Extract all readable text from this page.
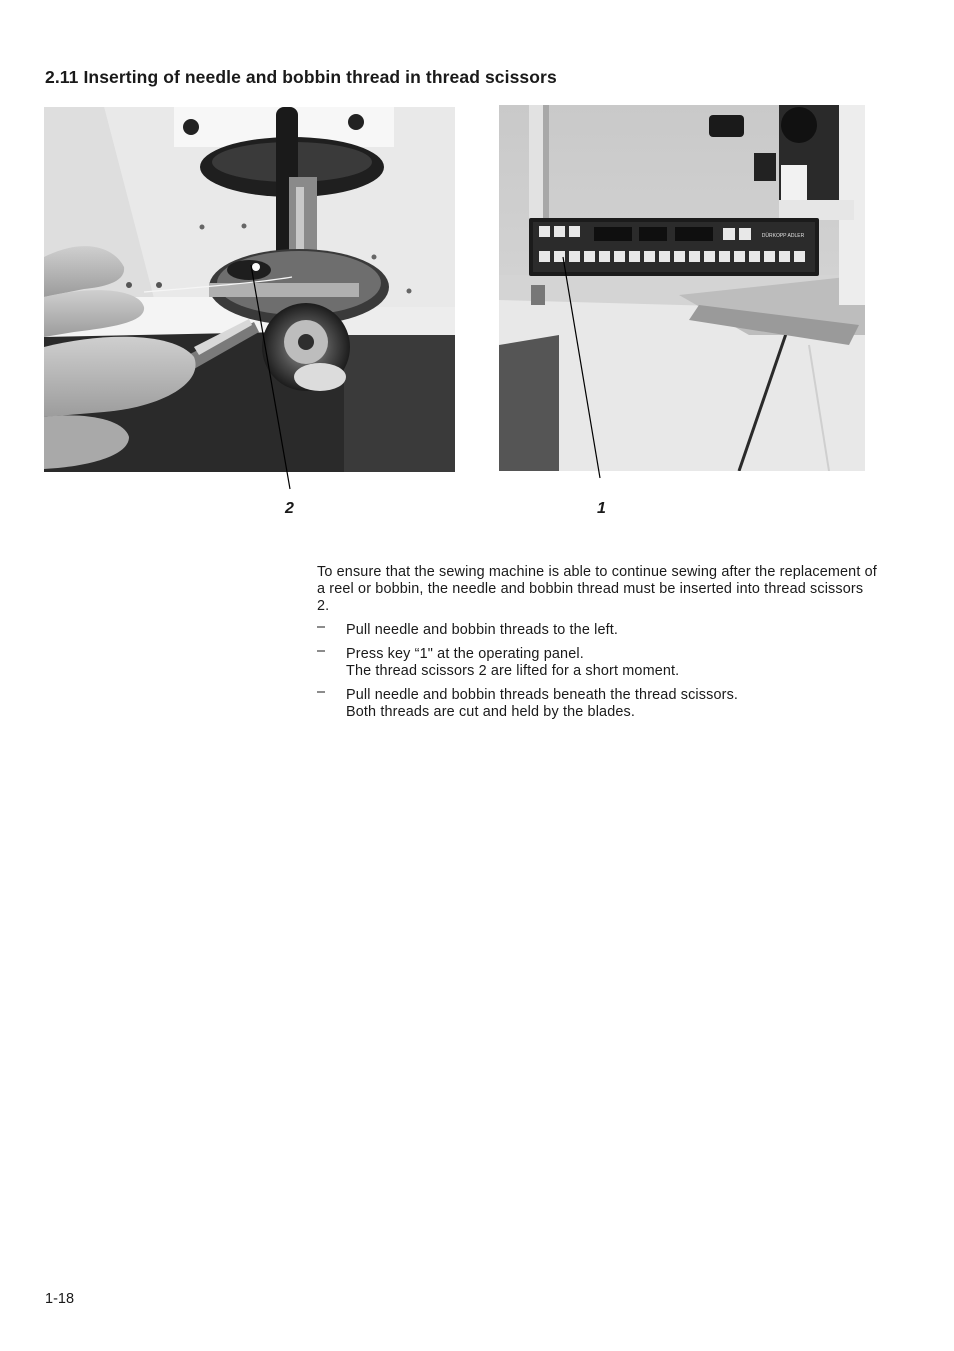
2.11 Inserting of needle and bobbin thread in thread scissors
DÜRKOPP ADLER
2	1

To ensure that the sewing machine is able to continue sewing after the replacement of a reel or bobbin, the needle and bobbin thread must be inserted into thread scissors 2.

– Pull needle and bobbin threads to the left.
– Press key “1" at the operating panel.
The thread scissors 2 are lifted for a short moment.
– Pull needle and bobbin threads beneath the thread scissors.
Both threads are cut and held by the blades.
1-18
